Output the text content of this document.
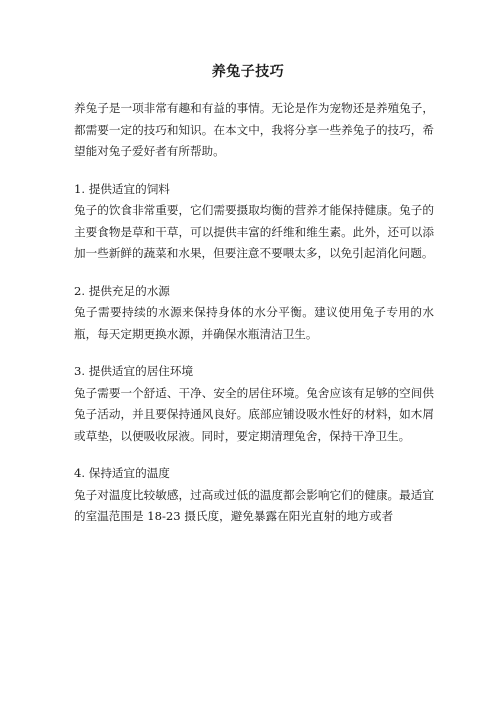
养兔子技巧

养兔子是一项非常有趣和有益的事情。无论是作为宠物还是养殖兔子，都需要一定的技巧和知识。在本文中，我将分享一些养兔子的技巧，希望能对兔子爱好者有所帮助。

1. 提供适宜的饲料

兔子的饮食非常重要，它们需要摄取均衡的营养才能保持健康。兔子的主要食物是草和干草，可以提供丰富的纤维和维生素。此外，还可以添加一些新鲜的蔬菜和水果，但要注意不要喂太多，以免引起消化问题。

2. 提供充足的水源

兔子需要持续的水源来保持身体的水分平衡。建议使用兔子专用的水瓶，每天定期更换水源，并确保水瓶清洁卫生。

3. 提供适宜的居住环境

兔子需要一个舒适、干净、安全的居住环境。兔舍应该有足够的空间供兔子活动，并且要保持通风良好。底部应铺设吸水性好的材料，如木屑或草垫，以便吸收尿液。同时，要定期清理兔舍，保持干净卫生。

4. 保持适宜的温度

兔子对温度比较敏感，过高或过低的温度都会影响它们的健康。最适宜的室温范围是 18-23 摄氏度，避免暴露在阳光直射的地方或者
